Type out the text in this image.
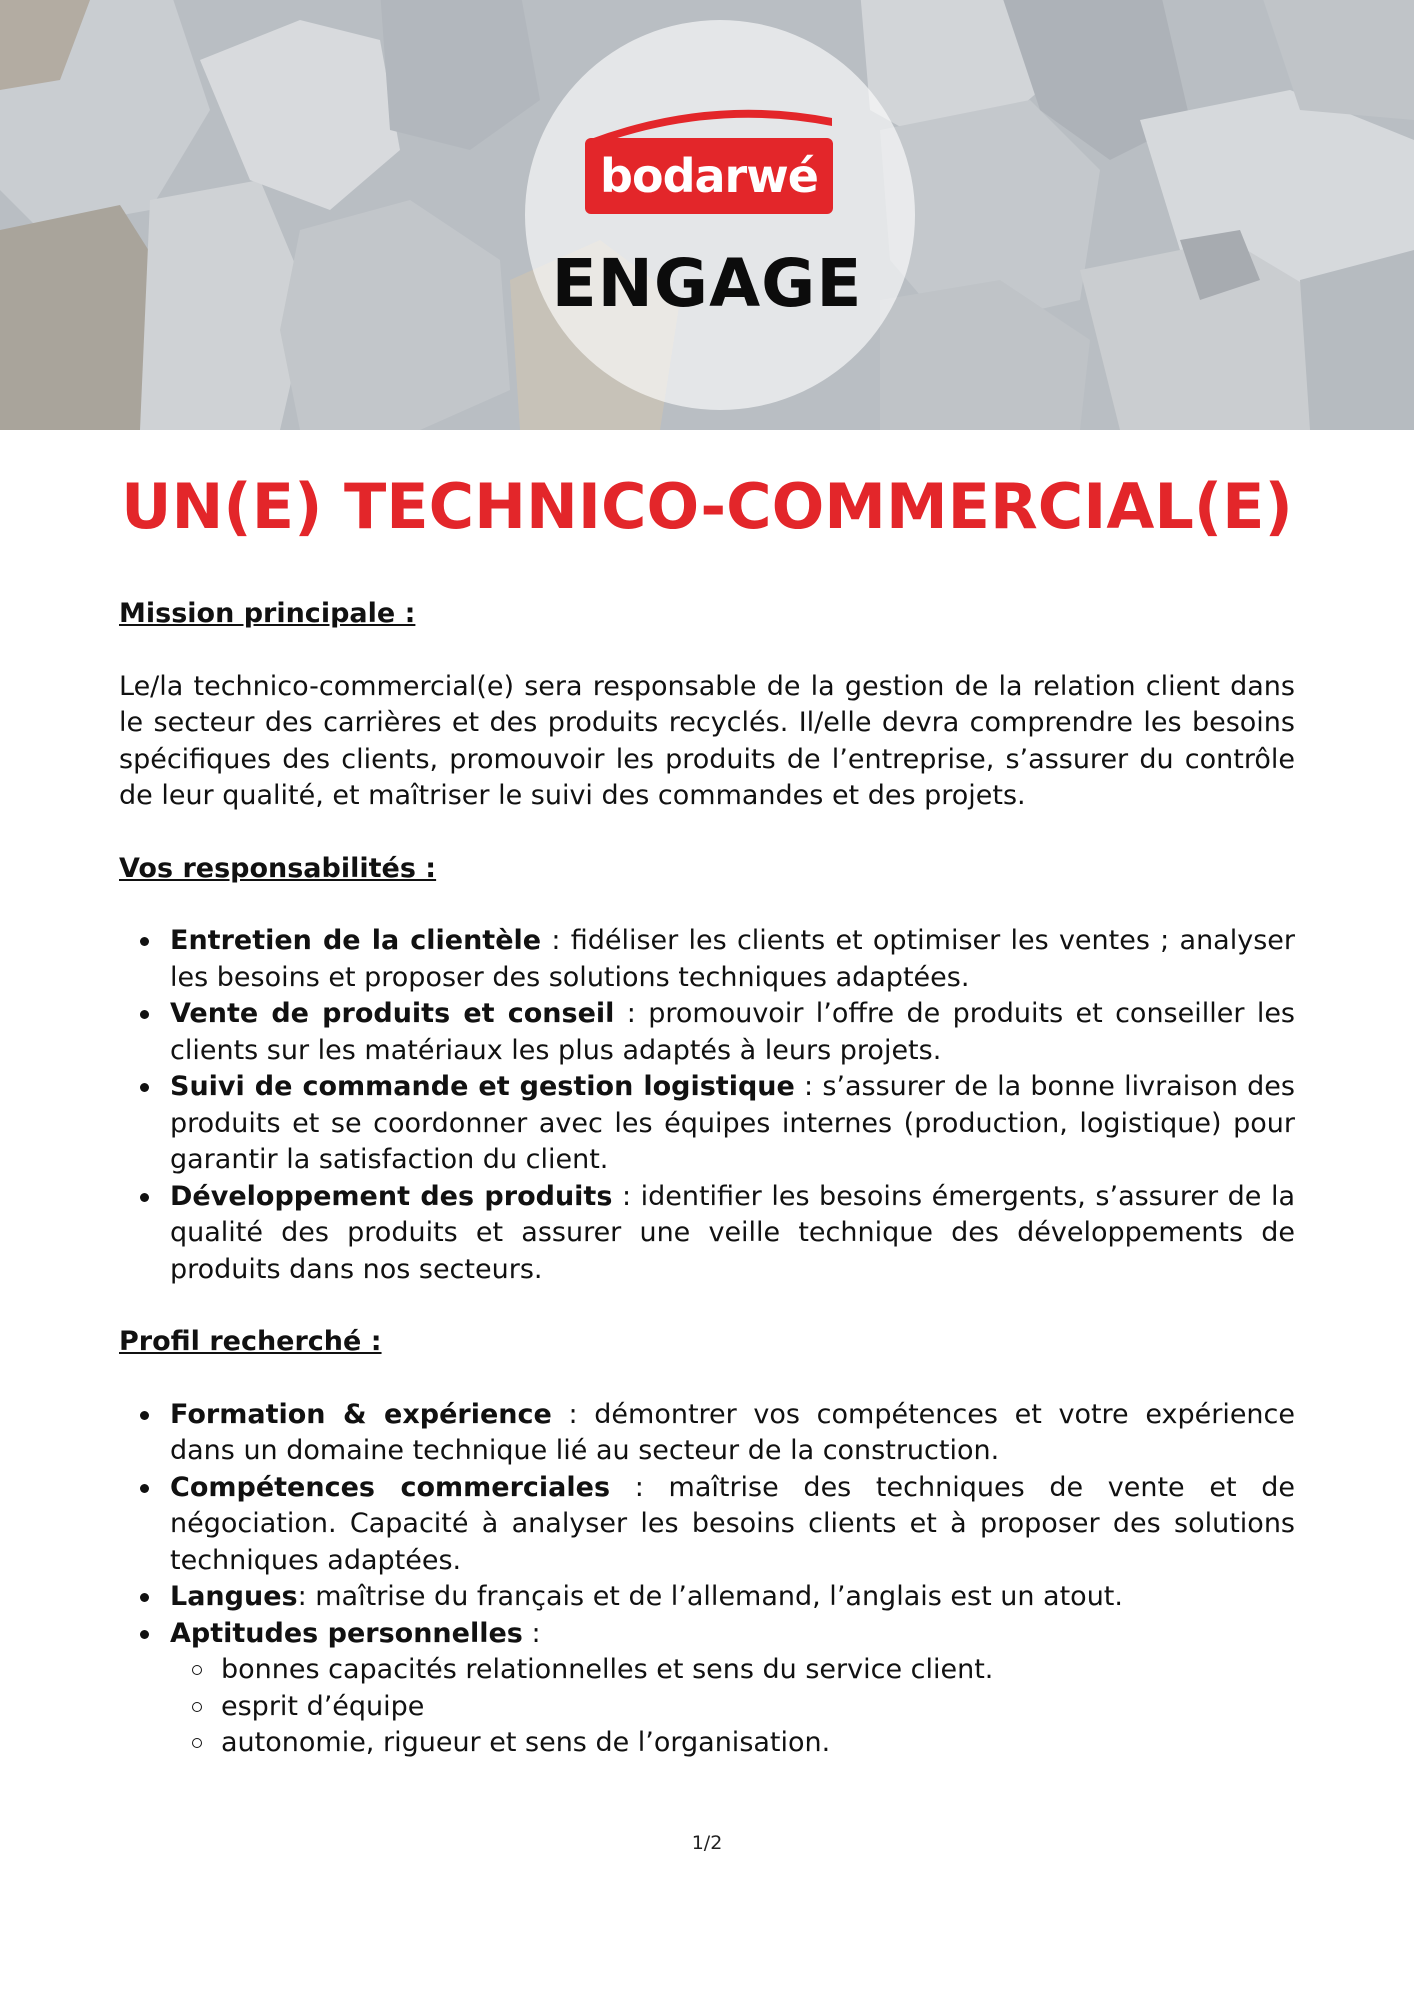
bodarwé
ENGAGE
UN(E) TECHNICO-COMMERCIAL(E)
Mission principale :
Le/la technico-commercial(e) sera responsable de la gestion de la relation client dans le secteur des carrières et des produits recyclés. Il/elle devra comprendre les besoins spécifiques des clients, promouvoir les produits de l’entreprise, s’assurer du contrôle de leur qualité, et maîtriser le suivi des commandes et des projets.
Vos responsabilités :
Entretien de la clientèle : fidéliser les clients et optimiser les ventes ; analyser les besoins et proposer des solutions techniques adaptées.
Vente de produits et conseil : promouvoir l’offre de produits et conseiller les clients sur les matériaux les plus adaptés à leurs projets.
Suivi de commande et gestion logistique : s’assurer de la bonne livraison des produits et se coordonner avec les équipes internes (production, logistique) pour garantir la satisfaction du client.
Développement des produits : identifier les besoins émergents, s’assurer de la qualité des produits et assurer une veille technique des développements de produits dans nos secteurs.
Profil recherché :
Formation & expérience : démontrer vos compétences et votre expérience dans un domaine technique lié au secteur de la construction.
Compétences commerciales : maîtrise des techniques de vente et de négociation. Capacité à analyser les besoins clients et à proposer des solutions techniques adaptées.
Langues: maîtrise du français et de l’allemand, l’anglais est un atout.
Aptitudes personnelles :
bonnes capacités relationnelles et sens du service client.
esprit d’équipe
autonomie, rigueur et sens de l’organisation.
1/2
